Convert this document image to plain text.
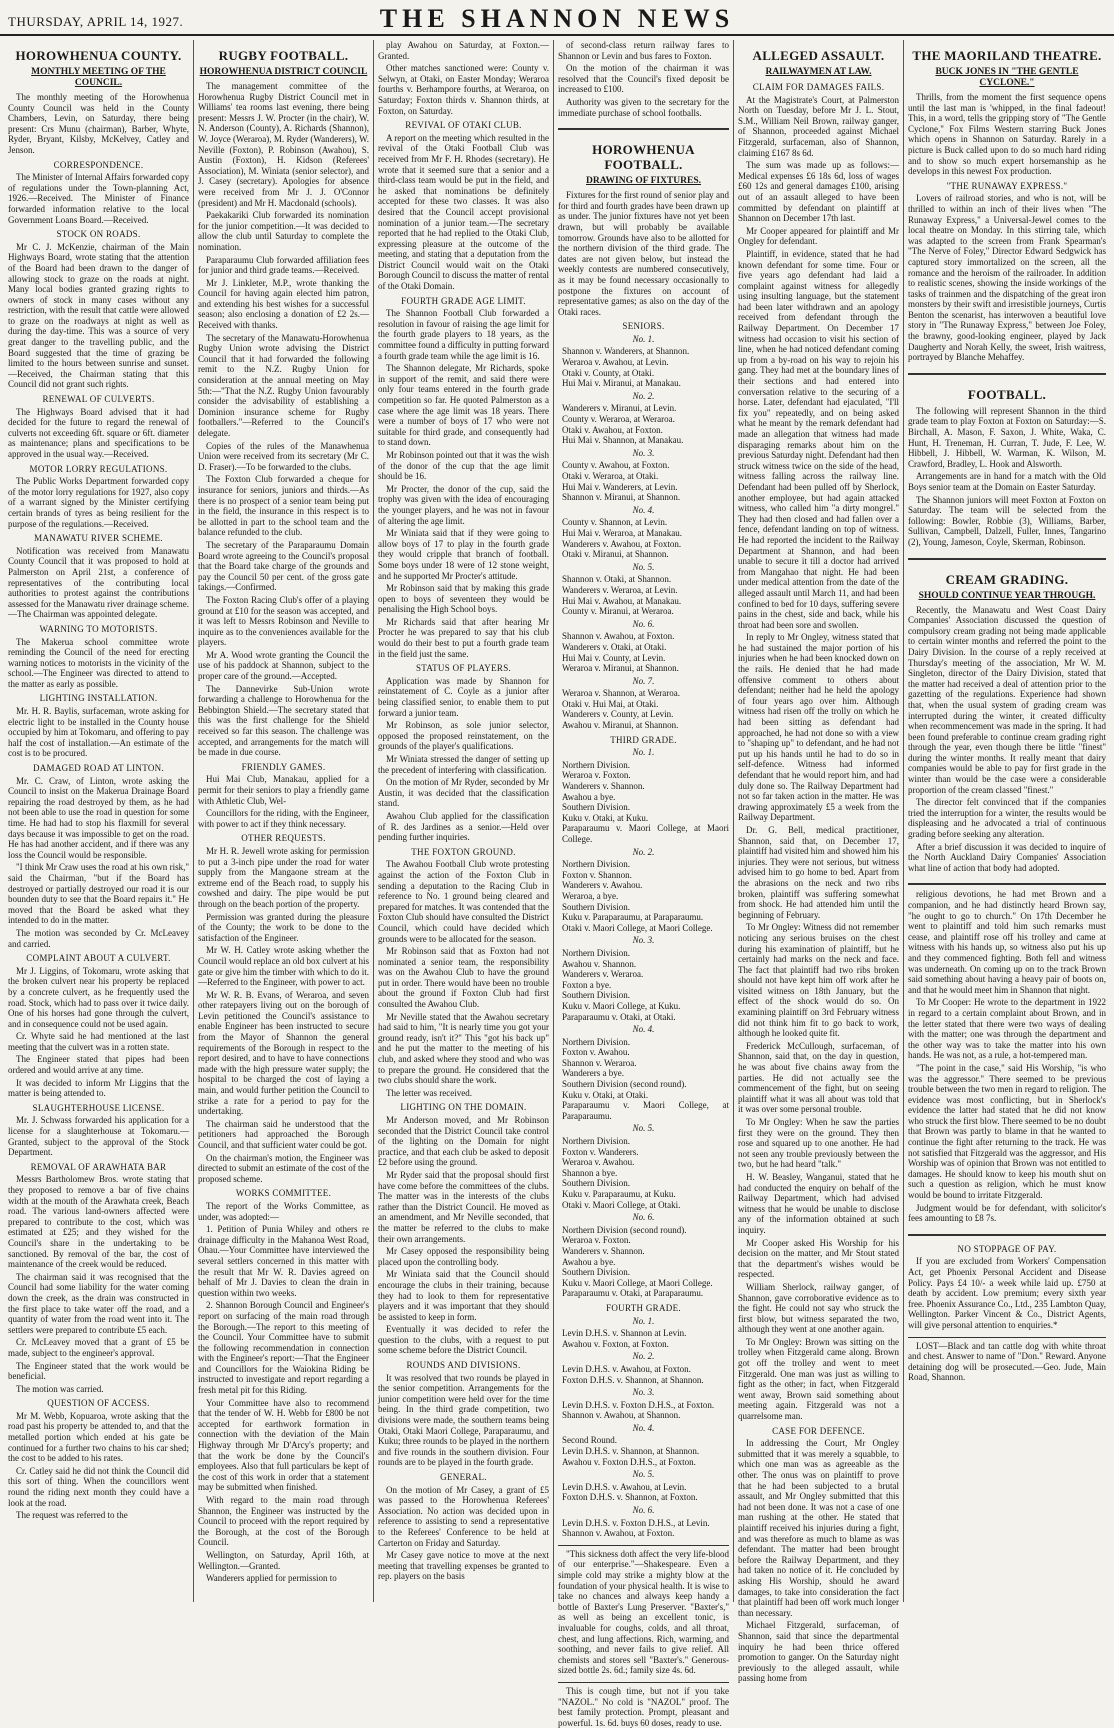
THURSDAY, APRIL 14, 1927.	THE SHANNON NEWS
HOROWHENUA COUNTY.
MONTHLY MEETING OF THE COUNCIL.

The monthly meeting of the Horowhenua County Council was held in the County Chambers, Levin, on Saturday, there being present: Crs Munu (chairman), Barber, Whyte, Ryder, Bryant, Kilsby, McKelvey, Catley and Jenson.

CORRESPONDENCE.

The Minister of Internal Affairs forwarded copy of regulations under the Town-planning Act, 1926.—Received. The Minister of Finance forwarded information relative to the local Government Loans Board.—Received.

STOCK ON ROADS.

Mr C. J. McKenzie, chairman of the Main Highways Board, wrote stating that the attention of the Board had been drawn to the danger of allowing stock to graze on the roads at night. Many local bodies granted grazing rights to owners of stock in many cases without any restriction, with the result that cattle were allowed to graze on the roadways at night as well as during the day-time. This was a source of very great danger to the travelling public, and the Board suggested that the time of grazing be limited to the hours between sunrise and sunset.—Received, the Chairman stating that this Council did not grant such rights.

RENEWAL OF CULVERTS.

The Highways Board advised that it had decided for the future to regard the renewal of culverts not exceeding 6ft. square or 6ft. diameter as maintenance; plans and specifications to be approved in the usual way.—Received.

MOTOR LORRY REGULATIONS.

The Public Works Department forwarded copy of the motor lorry regulations for 1927, also copy of a warrant signed by the Minister certifying certain brands of tyres as being resilient for the purpose of the regulations.—Received.

MANAWATU RIVER SCHEME.

Notification was received from Manawatu County Council that it was proposed to hold at Palmerston on April 21st, a conference of representatives of the contributing local authorities to protest against the contributions assessed for the Manawatu river drainage scheme.—The Chairman was appointed delegate.

WARNING TO MOTORISTS.

The Makerua school committee wrote reminding the Council of the need for erecting warning notices to motorists in the vicinity of the school.—The Engineer was directed to attend to the matter as early as possible.

LIGHTING INSTALLATION.

Mr. H. R. Baylis, surfaceman, wrote asking for electric light to be installed in the County house occupied by him at Tokomaru, and offering to pay half the cost of installation.—An estimate of the cost is to be procured.

DAMAGED ROAD AT LINTON.

Mr. C. Craw, of Linton, wrote asking the Council to insist on the Makerua Drainage Board repairing the road destroyed by them, as he had not been able to use the road in question for some time. He had had to stop his flaxmill for several days because it was impossible to get on the road. He has had another accident, and if there was any loss the Council would be responsible.

"I think Mr Craw uses the road at his own risk," said the Chairman, "but if the Board has destroyed or partially destroyed our road it is our bounden duty to see that the Board repairs it." He moved that the Board be asked what they intended to do in the matter.

The motion was seconded by Cr. McLeavey and carried.

COMPLAINT ABOUT A CULVERT.

Mr J. Liggins, of Tokomaru, wrote asking that the broken culvert near his property be replaced by a concrete culvert, as he frequently used the road. Stock, which had to pass over it twice daily. One of his horses had gone through the culvert, and in consequence could not be used again.

Cr. Whyte said he had mentioned at the last meeting that the culvert was in a rotten state.

The Engineer stated that pipes had been ordered and would arrive at any time.

It was decided to inform Mr Liggins that the matter is being attended to.

SLAUGHTERHOUSE LICENSE.

Mr. J. Schwass forwarded his application for a license for a slaughterhouse at Tokomaru.—Granted, subject to the approval of the Stock Department.

REMOVAL OF ARAWHATA BAR

Messrs Bartholomew Bros. wrote stating that they proposed to remove a bar of five chains width at the mouth of the Arawhata creek, Beach road. The various land-owners affected were prepared to contribute to the cost, which was estimated at £25; and they wished for the Council's share in the undertaking to be sanctioned. By removal of the bar, the cost of maintenance of the creek would be reduced.

The chairman said it was recognised that the Council had some liability for the water coming down the creek, as the drain was constructed in the first place to take water off the road, and a quantity of water from the road went into it. The settlers were prepared to contribute £5 each.

Cr. McLeavey moved that a grant of £5 be made, subject to the engineer's approval.

The Engineer stated that the work would be beneficial.

The motion was carried.

QUESTION OF ACCESS.

Mr M. Webb, Kopuaroa, wrote asking that the road past his property be attended to, and that the metalled portion which ended at his gate be continued for a further two chains to his car shed; the cost to be added to his rates.

Cr. Catley said he did not think the Council did this sort of thing. When the councillors went round the riding next month they could have a look at the road.

The request was referred to the

RUGBY FOOTBALL.
HOROWHENUA DISTRICT COUNCIL

The management committee of the Horowhenua Rugby District Council met in Williams' tea rooms last evening, there being present: Messrs J. W. Procter (in the chair), W. N. Anderson (County), A. Richards (Shannon), W. Joyce (Weraroa), M. Ryder (Wanderers), W. Neville (Foxton), P. Robinson (Awahou), S. Austin (Foxton), H. Kidson (Referees' Association), M. Winiata (senior selector), and J. Casey (secretary). Apologies for absence were received from Mr J. J. O'Connor (president) and Mr H. Macdonald (schools).

Paekakariki Club forwarded its nomination for the junior competition.—It was decided to allow the club until Saturday to complete the nomination.

Paraparaumu Club forwarded affiliation fees for junior and third grade teams.—Received.

Mr J. Linkleter, M.P., wrote thanking the Council for having again elected him patron, and extending his best wishes for a successful season; also enclosing a donation of £2 2s.—Received with thanks.

The secretary of the Manawatu-Horowhenua Rugby Union wrote advising the District Council that it had forwarded the following remit to the N.Z. Rugby Union for consideration at the annual meeting on May 5th:—"That the N.Z. Rugby Union favourably consider the advisability of establishing a Dominion insurance scheme for Rugby footballers."—Referred to the Council's delegate.

Copies of the rules of the Manawhenua Union were received from its secretary (Mr C. D. Fraser).—To be forwarded to the clubs.

The Foxton Club forwarded a cheque for insurance for seniors, juniors and thirds.—As there is no prospect of a senior team being put in the field, the insurance in this respect is to be allotted in part to the school team and the balance refunded to the club.

The secretary of the Paraparaumu Domain Board wrote agreeing to the Council's proposal that the Board take charge of the grounds and pay the Council 50 per cent. of the gross gate takings.—Confirmed.

The Foxton Racing Club's offer of a playing ground at £10 for the season was accepted, and it was left to Messrs Robinson and Neville to inquire as to the conveniences available for the players.

Mr A. Wood wrote granting the Council the use of his paddock at Shannon, subject to the proper care of the ground.—Accepted.

The Dannevirke Sub-Union wrote forwarding a challenge to Horowhenua for the Bebbington Shield.—The secretary stated that this was the first challenge for the Shield received so far this season. The challenge was accepted, and arrangements for the match will be made in due course.

FRIENDLY GAMES.

Hui Mai Club, Manakau, applied for a permit for their seniors to play a friendly game with Athletic Club, Wel-

Councillors for the riding, with the Engineer, with power to act if they think necessary.

OTHER REQUESTS.

Mr H. R. Jewell wrote asking for permission to put a 3-inch pipe under the road for water supply from the Mangaone stream at the extreme end of the Beach road, to supply his cowshed and dairy. The pipe would be put through on the beach portion of the property.

Permission was granted during the pleasure of the County; the work to be done to the satisfaction of the Engineer.

Mr W. H. Catley wrote asking whether the Council would replace an old box culvert at his gate or give him the timber with which to do it.—Referred to the Engineer, with power to act.

Mr W. R. B. Evans, of Weraroa, and seven other ratepayers living out on the borough of Levin petitioned the Council's assistance to enable Engineer has been instructed to secure from the Mayor of Shannon the general requirements of the Borough in respect to the report desired, and to have to have connections made with the high pressure water supply; the hospital to be charged the cost of laying a main, and would further petition the Council to strike a rate for a period to pay for the undertaking.

The chairman said he understood that the petitioners had approached the Borough Council, and that sufficient water could be got.

On the chairman's motion, the Engineer was directed to submit an estimate of the cost of the proposed scheme.

WORKS COMMITTEE.

The report of the Works Committee, as under, was adopted:—

1. Petition of Punia Whiley and others re drainage difficulty in the Mahanoa West Road, Ohau.—Your Committee have interviewed the several settlers concerned in this matter with the result that Mr W. R. Davies agreed on behalf of Mr J. Davies to clean the drain in question within two weeks.

2. Shannon Borough Council and Engineer's report on surfacing of the main road through the Borough.—The report to this meeting of the Council. Your Committee have to submit the following recommendation in connection with the Engineer's report:—That the Engineer and Councillors for the Waiokina Riding be instructed to investigate and report regarding a fresh metal pit for this Riding.

Your Committee have also to recommend that the tender of W. H. Webb for £800 be not accepted for earthwork formation in connection with the deviation of the Main Highway through Mr D'Arcy's property; and that the work be done by the Council's employees. Also that full particulars be kept of the cost of this work in order that a statement may be submitted when finished.

With regard to the main road through Shannon, the Engineer was instructed by the Council to proceed with the report required by the Borough, at the cost of the Borough Council.

Wellington, on Saturday, April 16th, at Wellington.—Granted.

Wanderers applied for permission to

play Awahou on Saturday, at Foxton.—Granted.

Other matches sanctioned were: County v. Selwyn, at Otaki, on Easter Monday; Weraroa fourths v. Berhampore fourths, at Weraroa, on Saturday; Foxton thirds v. Shannon thirds, at Foxton, on Saturday.

REVIVAL OF OTAKI CLUB.

A report on the meeting which resulted in the revival of the Otaki Football Club was received from Mr F. H. Rhodes (secretary). He wrote that it seemed sure that a senior and a third-class team would be put in the field, and he asked that nominations be definitely accepted for these two classes. It was also desired that the Council accept provisional nomination of a junior team.—The secretary reported that he had replied to the Otaki Club, expressing pleasure at the outcome of the meeting, and stating that a deputation from the District Council would wait on the Otaki Borough Council to discuss the matter of rental of the Otaki Domain.

FOURTH GRADE AGE LIMIT.

The Shannon Football Club forwarded a resolution in favour of raising the age limit for the fourth grade players to 18 years, as the committee found a difficulty in putting forward a fourth grade team while the age limit is 16.

The Shannon delegate, Mr Richards, spoke in support of the remit, and said there were only four teams entered in the fourth grade competition so far. He quoted Palmerston as a case where the age limit was 18 years. There were a number of boys of 17 who were not suitable for third grade, and consequently had to stand down.

Mr Robinson pointed out that it was the wish of the donor of the cup that the age limit should be 16.

Mr Procter, the donor of the cup, said the trophy was given with the idea of encouraging the younger players, and he was not in favour of altering the age limit.

Mr Winiata said that if they were going to allow boys of 17 to play in the fourth grade they would cripple that branch of football. Some boys under 18 were of 12 stone weight, and he supported Mr Procter's attitude.

Mr Robinson said that by making this grade open to boys of seventeen they would be penalising the High School boys.

Mr Richards said that after hearing Mr Procter he was prepared to say that his club would do their best to put a fourth grade team in the field just the same.

STATUS OF PLAYERS.

Application was made by Shannon for reinstatement of C. Coyle as a junior after being classified senior, to enable them to put forward a junior team.

Mr Robinson, as sole junior selector, opposed the proposed reinstatement, on the grounds of the player's qualifications.

Mr Winiata stressed the danger of setting up the precedent of interfering with classification.

On the motion of Mr Ryder, seconded by Mr Austin, it was decided that the classification stand.

Awahou Club applied for the classification of R. des Jardines as a senior.—Held over pending further inquiries.

THE FOXTON GROUND.

The Awahou Football Club wrote protesting against the action of the Foxton Club in sending a deputation to the Racing Club in reference to No. 1 ground being cleared and prepared for matches. It was contended that the Foxton Club should have consulted the District Council, which could have decided which grounds were to be allocated for the season.

Mr Robinson said that as Foxton had not nominated a senior team, the responsibility was on the Awahou Club to have the ground put in order. There would have been no trouble about the ground if Foxton Club had first consulted the Awahou Club.

Mr Neville stated that the Awahou secretary had said to him, "It is nearly time you got your ground ready, isn't it?" This "got his back up" and he put the matter to the meeting of his club, and asked where they stood and who was to prepare the ground. He considered that the two clubs should share the work.

The letter was received.

LIGHTING ON THE DOMAIN.

Mr Anderson moved, and Mr Robinson seconded that the District Council take control of the lighting on the Domain for night practice, and that each club be asked to deposit £2 before using the ground.

Mr Ryder said that the proposal should first have come before the committees of the clubs. The matter was in the interests of the clubs rather than the District Council. He moved as an amendment, and Mr Neville seconded, that the matter be referred to the clubs to make their own arrangements.

Mr Casey opposed the responsibility being placed upon the controlling body.

Mr Winiata said that the Council should encourage the clubs in their training, because they had to look to them for representative players and it was important that they should be assisted to keep in form.

Eventually it was decided to refer the question to the clubs, with a request to put some scheme before the District Council.

ROUNDS AND DIVISIONS.

It was resolved that two rounds be played in the senior competition. Arrangements for the junior competition were held over for the time being. In the third grade competition, two divisions were made, the southern teams being Otaki, Otaki Maori College, Paraparaumu, and Kuku; three rounds to be played in the northern and five rounds in the southern division. Four rounds are to be played in the fourth grade.

GENERAL.

On the motion of Mr Casey, a grant of £5 was passed to the Horowhenua Referees' Association. No action was decided upon in reference to assisting to send a representative to the Referees' Conference to be held at Carterton on Friday and Saturday.

Mr Casey gave notice to move at the next meeting that travelling expenses be granted to rep. players on the basis

of second-class return railway fares to Shannon or Levin and bus fares to Foxton.

On the motion of the chairman it was resolved that the Council's fixed deposit be increased to £100.

Authority was given to the secretary for the immediate purchase of school footballs.

HOROWHENUA FOOTBALL.
DRAWING OF FIXTURES.

Fixtures for the first round of senior play and for third and fourth grades have been drawn up as under. The junior fixtures have not yet been drawn, but will probably be available tomorrow. Grounds have also to be allotted for the northern division of the third grade. The dates are not given below, but instead the weekly contests are numbered consecutively, as it may be found necessary occasionally to postpone the fixtures on account of representative games; as also on the day of the Otaki races.

SENIORS.
No. 1.

Shannon v. Wanderers, at Shannon.

Weraroa v. Awahou, at Levin.

Otaki v. County, at Otaki.

Hui Mai v. Miranui, at Manakau.

No. 2.

Wanderers v. Miranui, at Levin.

County v. Weraroa, at Weraroa.

Otaki v. Awahou, at Foxton.

Hui Mai v. Shannon, at Manakau.

No. 3.

County v. Awahou, at Foxton.

Otaki v. Weraroa, at Otaki.

Hui Mai v. Wanderers, at Levin.

Shannon v. Miranui, at Shannon.

No. 4.

County v. Shannon, at Levin.

Hui Mai v. Weraroa, at Manakau.

Wanderers v. Awahou, at Foxton.

Otaki v. Miranui, at Shannon.

No. 5.

Shannon v. Otaki, at Shannon.

Wanderers v. Weraroa, at Levin.

Hui Mai v. Awahou, at Manakau.

County v. Miranui, at Weraroa.

No. 6.

Shannon v. Awahou, at Foxton.

Wanderers v. Otaki, at Otaki.

Hui Mai v. County, at Levin.

Weraroa v. Miranui, at Shannon.

No. 7.

Weraroa v. Shannon, at Weraroa.

Otaki v. Hui Mai, at Otaki.

Wanderers v. County, at Levin.

Awahou v. Miranui, at Shannon.

THIRD GRADE.
No. 1.

Northern Division.

Weraroa v. Foxton.

Wanderers v. Shannon.

Awahou a bye.

Southern Division.

Kuku v. Otaki, at Kuku.

Paraparaumu v. Maori College, at Maori College.

No. 2.

Northern Division.

Foxton v. Shannon.

Wanderers v. Awahou.

Weraroa, a bye.

Southern Division.

Kuku v. Paraparaumu, at Paraparaumu.

Otaki v. Maori College, at Maori College.

No. 3.

Northern Division.

Awahou v. Shannon.

Wanderers v. Weraroa.

Foxton a bye.

Southern Division.

Kuku v. Maori College, at Kuku.

Paraparaumu v. Otaki, at Otaki.

No. 4.

Northern Division.

Foxton v. Awahou.

Shannon v. Weraroa.

Wanderers a bye.

Southern Division (second round).

Kuku v. Otaki, at Otaki.

Paraparaumu v. Maori College, at Paraparaumu.

No. 5.

Northern Division.

Foxton v. Wanderers.

Weraroa v. Awahou.

Shannon a bye.

Southern Division.

Kuku v. Paraparaumu, at Kuku.

Otaki v. Maori College, at Otaki.

No. 6.

Northern Division (second round).

Weraroa v. Foxton.

Wanderers v. Shannon.

Awahou a bye.

Southern Division.

Kuku v. Maori College, at Maori College.

Paraparaumu v. Otaki, at Paraparaumu.

FOURTH GRADE.
No. 1.

Levin D.H.S. v. Shannon at Levin.

Awahou v. Foxton, at Foxton.

No. 2.

Levin D.H.S. v. Awahou, at Foxton.

Foxton D.H.S. v. Shannon, at Shannon.

No. 3.

Levin D.H.S. v. Foxton D.H.S., at Foxton.

Shannon v. Awahou, at Shannon.

No. 4.

Second Round.

Levin D.H.S. v. Shannon, at Shannon.

Awahou v. Foxton D.H.S., at Foxton.

No. 5.

Levin D.H.S. v. Awahou, at Levin.

Foxton D.H.S. v. Shannon, at Foxton.

No. 6.

Levin D.H.S. v. Foxton D.H.S., at Levin.

Shannon v. Awahou, at Foxton.

"This sickness doth affect the very life-blood of our enterprise."—Shakespeare. Even a simple cold may strike a mighty blow at the foundation of your physical health. It is wise to take no chances and always keep handy a bottle of Baxter's Lung Preserver. "Baxter's," as well as being an excellent tonic, is invaluable for coughs, colds, and all throat, chest, and lung affections. Rich, warming, and soothing, and never fails to give relief. All chemists and stores sell "Baxter's." Generous-sized bottle 2s. 6d.; family size 4s. 6d.

This is cough time, but not if you take "NAZOL." No cold is "NAZOL" proof. The best family protection. Prompt, pleasant and powerful. 1s. 6d. buys 60 doses, ready to use.

ALLEGED ASSAULT.
RAILWAYMEN AT LAW.
CLAIM FOR DAMAGES FAILS.

At the Magistrate's Court, at Palmerston North on Tuesday, before Mr J. L. Stout, S.M., William Neil Brown, railway ganger, of Shannon, proceeded against Michael Fitzgerald, surfaceman, also of Shannon, claiming £167 8s 6d.

The sum was made up as follows:—Medical expenses £6 18s 6d, loss of wages £60 12s and general damages £100, arising out of an assault alleged to have been committed by defendant on plaintiff at Shannon on December 17th last.

Mr Cooper appeared for plaintiff and Mr Ongley for defendant.

Plaintiff, in evidence, stated that he had known defendant for some time. Four or five years ago defendant had laid a complaint against witness for allegedly using insulting language, but the statement had been later withdrawn and an apology received from defendant through the Railway Department. On December 17 witness had occasion to visit his section of line, when he had noticed defendant coming up from a by-road on his way to rejoin his gang. They had met at the boundary lines of their sections and had entered into conversation relative to the securing of a horse. Later, defendant had ejaculated, "I'll fix you" repeatedly, and on being asked what he meant by the remark defendant had made an allegation that witness had made disparaging remarks about him on the previous Saturday night. Defendant had then struck witness twice on the side of the head, witness falling across the railway line. Defendant had been pulled off by Sherlock, another employee, but had again attacked witness, who called him "a dirty mongrel." They had then closed and had fallen over a fence, defendant landing on top of witness. He had reported the incident to the Railway Department at Shannon, and had been unable to secure it till a doctor had arrived from Mangahao that night. He had been under medical attention from the date of the alleged assault until March 11, and had been confined to bed for 10 days, suffering severe pains in the chest, side and back, while his throat had been sore and swollen.

In reply to Mr Ongley, witness stated that he had sustained the major portion of his injuries when he had been knocked down on the rails. He denied that he had made offensive comment to others about defendant; neither had he held the apology of four years ago over him. Although witness had risen off the trolly on which he had been sitting as defendant had approached, he had not done so with a view to "shaping up" to defendant, and he had not put up his hands until he had to do so in self-defence. Witness had informed defendant that he would report him, and had duly done so. The Railway Department had not so far taken action in the matter. He was drawing approximately £5 a week from the Railway Department.

Dr. G. Bell, medical practitioner, Shannon, said that, on December 17, plaintiff had visited him and showed him his injuries. They were not serious, but witness advised him to go home to bed. Apart from the abrasions on the neck and two ribs broken, plaintiff was suffering somewhat from shock. He had attended him until the beginning of February.

To Mr Ongley: Witness did not remember noticing any serious bruises on the chest during his examination of plaintiff, but he certainly had marks on the neck and face. The fact that plaintiff had two ribs broken should not have kept him off work after he visited witness on 18th January, but the effect of the shock would do so. On examining plaintiff on 3rd February witness did not think him fit to go back to work, although he looked quite fit.

Frederick McCullough, surfaceman, of Shannon, said that, on the day in question, he was about five chains away from the parties. He did not actually see the commencement of the fight, but on seeing plaintiff what it was all about was told that it was over some personal trouble.

To Mr Ongley: When he saw the parties first they were on the ground. They then rose and squared up to one another. He had not seen any trouble previously between the two, but he had heard "talk."

H. W. Beasley, Wanganui, stated that he had conducted the enquiry on behalf of the Railway Department, which had advised witness that he would be unable to disclose any of the information obtained at such inquiry.

Mr Cooper asked His Worship for his decision on the matter, and Mr Stout stated that the department's wishes would be respected.

William Sherlock, railway ganger, of Shannon, gave corroborative evidence as to the fight. He could not say who struck the first blow, but witness separated the two, although they went at one another again.

To Mr Ongley: Brown was sitting on the trolley when Fitzgerald came along. Brown got off the trolley and went to meet Fitzgerald. One man was just as willing to fight as the other; in fact, when Fitzgerald went away, Brown said something about meeting again. Fitzgerald was not a quarrelsome man.

CASE FOR DEFENCE.

In addressing the Court, Mr Ongley submitted that it was merely a squabble, to which one man was as agreeable as the other. The onus was on plaintiff to prove that he had been subjected to a brutal assault, and Mr Ongley submitted that this had not been done. It was not a case of one man rushing at the other. He stated that plaintiff received his injuries during a fight, and was therefore as much to blame as was defendant. The matter had been brought before the Railway Department, and they had taken no notice of it. He concluded by asking His Worship, should he award damages, to take into consideration the fact that plaintiff had been off work much longer than necessary.

Michael Fitzgerald, surfaceman, of Shannon, said that since the departmental inquiry he had been thrice offered promotion to ganger. On the Saturday night previously to the alleged assault, while passing home from

THE MAORILAND THEATRE.
BUCK JONES IN "THE GENTLE CYCLONE."

Thrills, from the moment the first sequence opens until the last man is 'whipped, in the final fadeout! This, in a word, tells the gripping story of "The Gentle Cyclone," Fox Films Western starring Buck Jones which opens in Shannon on Saturday. Rarely in a picture is Buck called upon to do so much hard riding and to show so much expert horsemanship as he develops in this newest Fox production.

"THE RUNAWAY EXPRESS."

Lovers of railroad stories, and who is not, will be thrilled to within an inch of their lives when "The Runaway Express," a Universal-Jewel comes to the local theatre on Monday. In this stirring tale, which was adapted to the screen from Frank Spearman's "The Nerve of Foley," Director Edward Sedgwick has captured story immortalized on the screen, all the romance and the heroism of the railroader. In addition to realistic scenes, showing the inside workings of the tasks of trainmen and the dispatching of the great iron monsters by their swift and irresistible journeys, Curtis Benton the scenarist, has interwoven a beautiful love story in "The Runaway Express," between Joe Foley, the brawny, good-looking engineer, played by Jack Daugherty and Norah Kelly, the sweet, Irish waitress, portrayed by Blanche Mehaffey.

FOOTBALL.

The following will represent Shannon in the third grade team to play Foxton at Foxton on Saturday:—S. Birchall, A. Mason, F. Saxon, J. White, Waka, C. Hunt, H. Treneman, H. Curran, T. Jude, F. Lee, W. Hibbell, J. Hibbell, W. Warman, K. Wilson, M. Crawford, Bradley, L. Hook and Alsworth.

Arrangements are in hand for a match with the Old Boys senior team at the Domain on Easter Saturday.

The Shannon juniors will meet Foxton at Foxton on Saturday. The team will be selected from the following: Bowler, Robbie (3), Williams, Barber, Sullivan, Campbell, Dalzell, Fuller, Innes, Tangarino (2), Young, Jameson, Coyle, Skerman, Robinson.

CREAM GRADING.
SHOULD CONTINUE YEAR THROUGH.

Recently, the Manawatu and West Coast Dairy Companies' Association discussed the question of compulsory cream grading not being made applicable to certain winter months and referred the point to the Dairy Division. In the course of a reply received at Thursday's meeting of the association, Mr W. M. Singleton, director of the Dairy Division, stated that the matter had received a deal of attention prior to the gazetting of the regulations. Experience had shown that, when the usual system of grading cream was interrupted during the winter, it created difficulty when recommencement was made in the spring. It had been found preferable to continue cream grading right through the year, even though there be little "finest" during the winter months. It really meant that dairy companies would be able to pay for first grade in the winter than would be the case were a considerable proportion of the cream classed "finest."

The director felt convinced that if the companies tried the interruption for a winter, the results would be displeasing and he advocated a trial of continuous grading before seeking any alteration.

After a brief discussion it was decided to inquire of the North Auckland Dairy Companies' Association what line of action that body had adopted.

religious devotions, he had met Brown and a companion, and he had distinctly heard Brown say, "he ought to go to church." On 17th December he went to plaintiff and told him such remarks must cease, and plaintiff rose off his trolley and came at witness with his hands up, so witness also put his up and they commenced fighting. Both fell and witness was underneath. On coming up on to the track Brown said something about having a heavy pair of boots on, and that he would meet him in Shannon that night.

To Mr Cooper: He wrote to the department in 1922 in regard to a certain complaint about Brown, and in the letter stated that there were two ways of dealing with the matter; one was through the department and the other way was to take the matter into his own hands. He was not, as a rule, a hot-tempered man.

"The point in the case," said His Worship, "is who was the aggressor." There seemed to be previous trouble between the two men in regard to religion. The evidence was most conflicting, but in Sherlock's evidence the latter had stated that he did not know who struck the first blow. There seemed to be no doubt that Brown was partly to blame in that he wanted to continue the fight after returning to the track. He was not satisfied that Fitzgerald was the aggressor, and His Worship was of opinion that Brown was not entitled to damages. He should know to keep his mouth shut on such a question as religion, which he must know would be bound to irritate Fitzgerald.

Judgment would be for defendant, with solicitor's fees amounting to £8 7s.

NO STOPPAGE OF PAY.

If you are excluded from Workers' Compensation Act, get Phoenix Personal Accident and Disease Policy. Pays £4 10/- a week while laid up. £750 at death by accident. Low premium; every sixth year free. Phoenix Assurance Co., Ltd., 235 Lambton Quay, Wellington. Parker Vincent & Co., District Agents, will give personal attention to enquiries.*

LOST—Black and tan cattle dog with white throat and chest. Answer to name of "Don." Reward. Anyone detaining dog will be prosecuted.—Geo. Jude, Main Road, Shannon.
